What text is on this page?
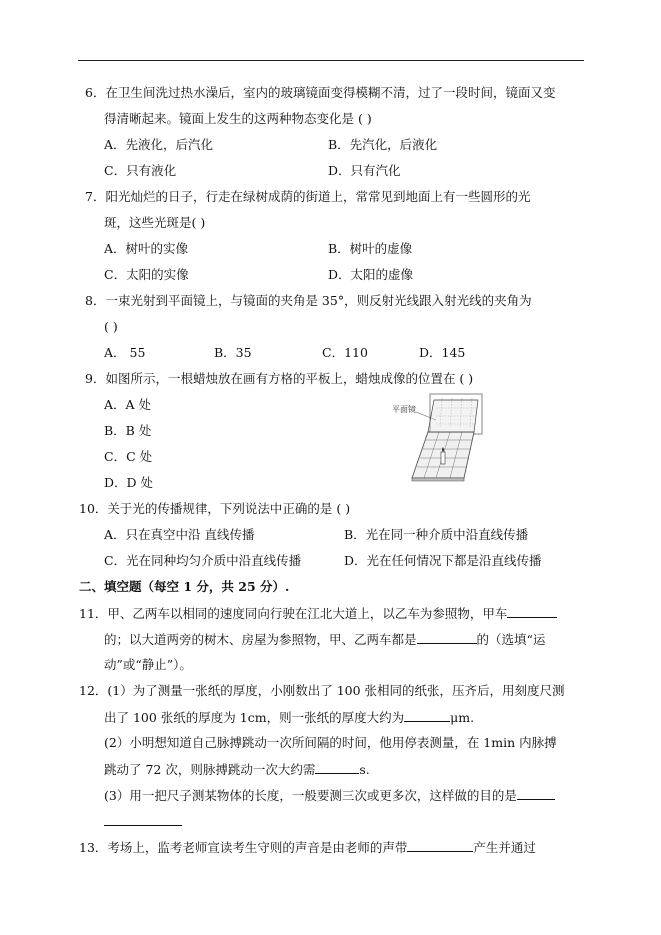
6．在卫生间洗过热水澡后，室内的玻璃镜面变得模糊不清，过了一段时间，镜面又变
得清晰起来。镜面上发生的这两种物态变化是 ( )
A．先液化，后汽化	B．先汽化，后液化
C．只有液化	D．只有汽化
7．阳光灿烂的日子，行走在绿树成荫的街道上，常常见到地面上有一些圆形的光
斑，这些光斑是( )
A．树叶的实像	B．树叶的虚像
C．太阳的实像	D．太阳的虚像
8．一束光射到平面镜上，与镜面的夹角是 35°，则反射光线跟入射光线的夹角为
( )
A． 55	B．35	C．110	D．145
9．如图所示，一根蜡烛放在画有方格的平板上，蜡烛成像的位置在 ( )
A．A 处
B．B 处
C．C 处
D．D 处
平面镜
10．关于光的传播规律，下列说法中正确的是 ( )
A．只在真空中沿 直线传播	B．光在同一种介质中沿直线传播
C．光在同种均匀介质中沿直线传播	D．光在任何情况下都是沿直线传播
二、填空题（每空 1 分，共 25 分）.
11．甲、乙两车以相同的速度同向行驶在江北大道上，以乙车为参照物，甲车
的；以大道两旁的树木、房屋为参照物，甲、乙两车都是	的（选填“运
动”或“静止”）。
12．(1）为了测量一张纸的厚度，小刚数出了 100 张相同的纸张，压齐后，用刻度尺测
出了 100 张纸的厚度为 1cm，则一张纸的厚度大约为	μm.
(2）小明想知道自己脉搏跳动一次所间隔的时间，他用停表测量，在 1min 内脉搏
跳动了 72 次，则脉搏跳动一次大约需	s.
(3）用一把尺子测某物体的长度，一般要测三次或更多次，这样做的目的是
13．考场上，监考老师宣读考生守则的声音是由老师的声带	产生并通过
